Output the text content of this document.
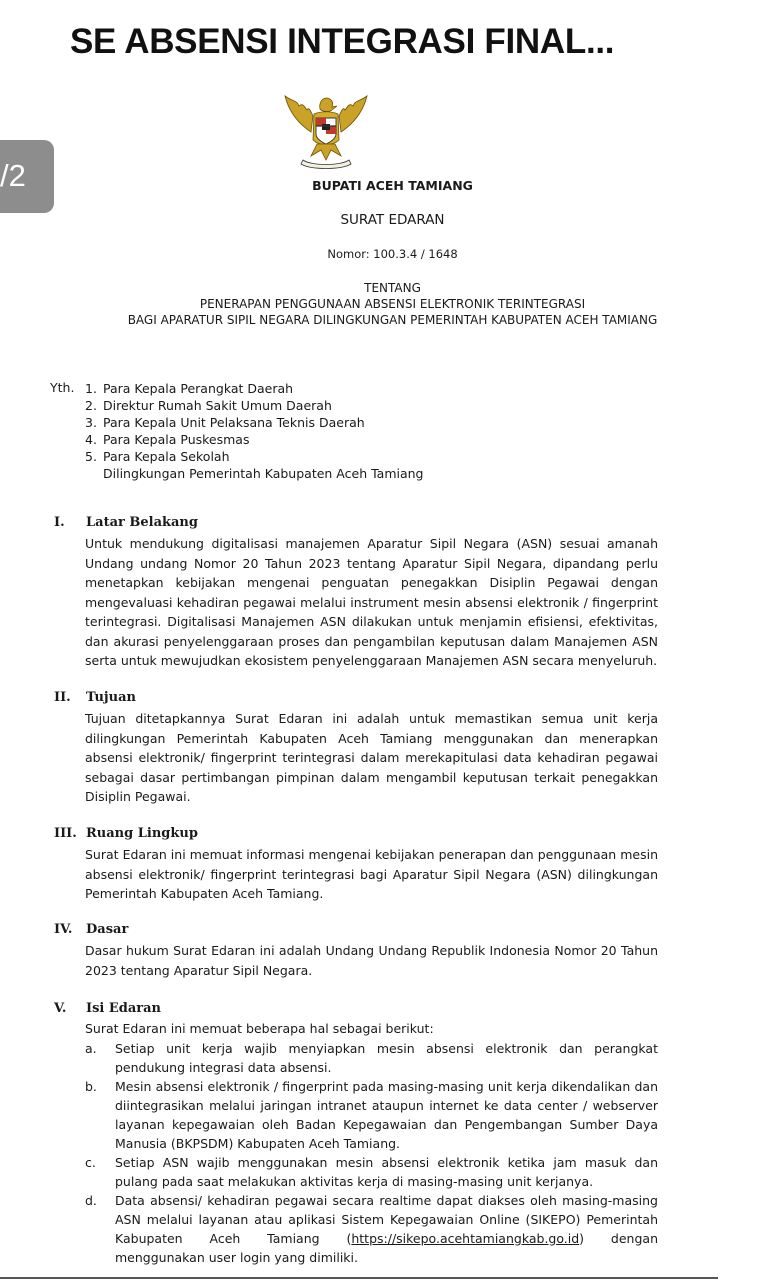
SE ABSENSI INTEGRASI FINAL...
/2	BUPATI ACEH TAMIANG
SURAT EDARAN
Nomor: 100.3.4 / 1648
TENTANG
PENERAPAN PENGGUNAAN ABSENSI ELEKTRONIK TERINTEGRASI
BAGI APARATUR SIPIL NEGARA DILINGKUNGAN PEMERINTAH KABUPATEN ACEH TAMIANG
Yth. 1. Para Kepala Perangkat Daerah
2. Direktur Rumah Sakit Umum Daerah
3. Para Kepala Unit Pelaksana Teknis Daerah
4. Para Kepala Puskesmas
5. Para Kepala Sekolah
Dilingkungan Pemerintah Kabupaten Aceh Tamiang
I. Latar Belakang
Untuk mendukung digitalisasi manajemen Aparatur Sipil Negara (ASN) sesuai amanah Undang undang Nomor 20 Tahun 2023 tentang Aparatur Sipil Negara, dipandang perlu menetapkan kebijakan mengenai penguatan penegakkan Disiplin Pegawai dengan mengevaluasi kehadiran pegawai melalui instrument mesin absensi elektronik / fingerprint terintegrasi. Digitalisasi Manajemen ASN dilakukan untuk menjamin efisiensi, efektivitas, dan akurasi penyelenggaraan proses dan pengambilan keputusan dalam Manajemen ASN serta untuk mewujudkan ekosistem penyelenggaraan Manajemen ASN secara menyeluruh.
II. Tujuan
Tujuan ditetapkannya Surat Edaran ini adalah untuk memastikan semua unit kerja dilingkungan Pemerintah Kabupaten Aceh Tamiang menggunakan dan menerapkan absensi elektronik/ fingerprint terintegrasi dalam merekapitulasi data kehadiran pegawai sebagai dasar pertimbangan pimpinan dalam mengambil keputusan terkait penegakkan Disiplin Pegawai.
III. Ruang Lingkup
Surat Edaran ini memuat informasi mengenai kebijakan penerapan dan penggunaan mesin absensi elektronik/ fingerprint terintegrasi bagi Aparatur Sipil Negara (ASN) dilingkungan Pemerintah Kabupaten Aceh Tamiang.
IV. Dasar
Dasar hukum Surat Edaran ini adalah Undang Undang Republik Indonesia Nomor 20 Tahun 2023 tentang Aparatur Sipil Negara.
V. Isi Edaran
Surat Edaran ini memuat beberapa hal sebagai berikut:
a. Setiap unit kerja wajib menyiapkan mesin absensi elektronik dan perangkat pendukung integrasi data absensi.
b. Mesin absensi elektronik / fingerprint pada masing-masing unit kerja dikendalikan dan diintegrasikan melalui jaringan intranet ataupun internet ke data center / webserver layanan kepegawaian oleh Badan Kepegawaian dan Pengembangan Sumber Daya Manusia (BKPSDM) Kabupaten Aceh Tamiang.
c. Setiap ASN wajib menggunakan mesin absensi elektronik ketika jam masuk dan pulang pada saat melakukan aktivitas kerja di masing-masing unit kerjanya.
d. Data absensi/ kehadiran pegawai secara realtime dapat diakses oleh masing-masing ASN melalui layanan atau aplikasi Sistem Kepegawaian Online (SIKEPO) Pemerintah Kabupaten Aceh Tamiang (https://sikepo.acehtamiangkab.go.id) dengan menggunakan user login yang dimiliki.
